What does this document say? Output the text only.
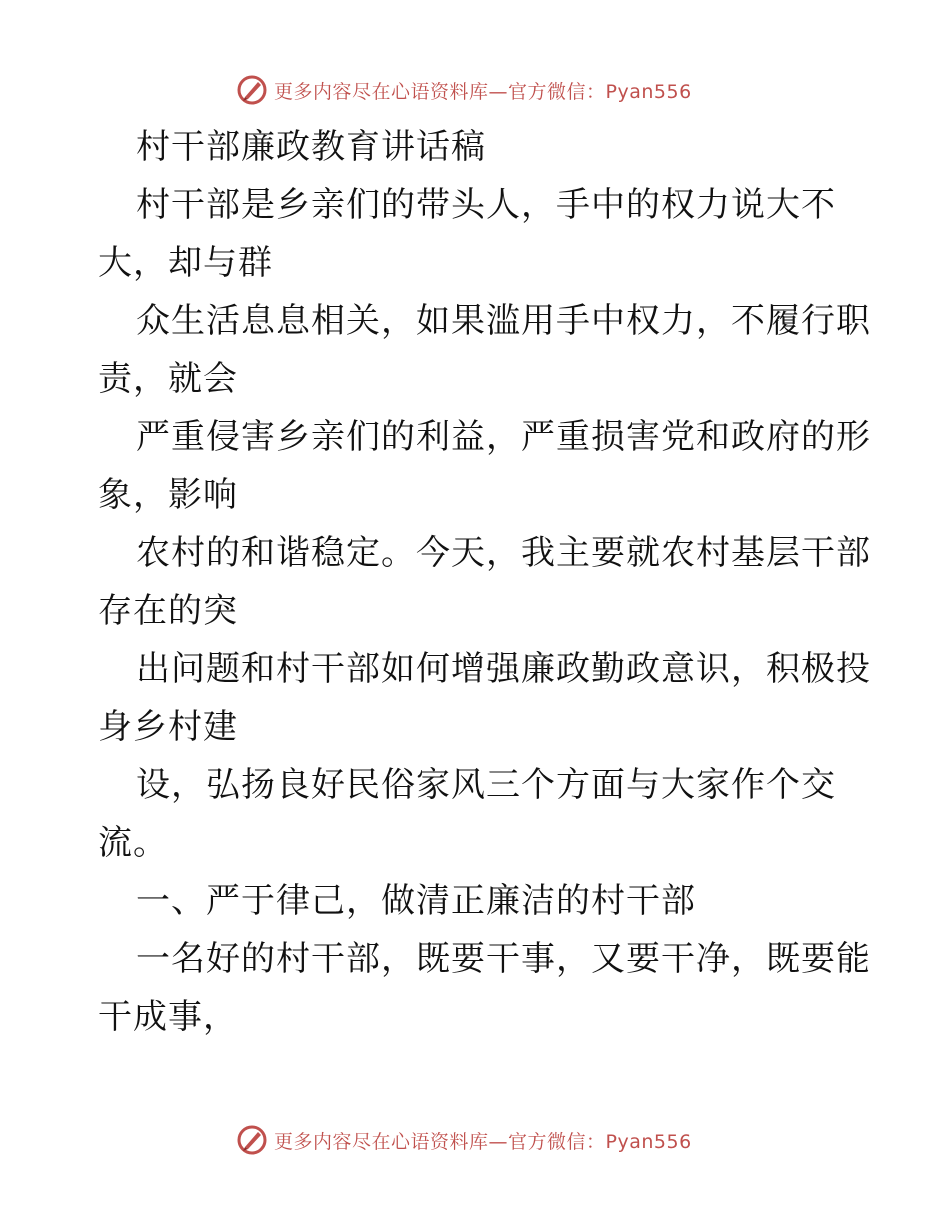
更多内容尽在心语资料库—官方微信：Pyan556
村干部廉政教育讲话稿
村干部是乡亲们的带头人，手中的权力说大不
大，却与群
众生活息息相关，如果滥用手中权力，不履行职
责，就会
严重侵害乡亲们的利益，严重损害党和政府的形
象，影响
农村的和谐稳定。今天，我主要就农村基层干部
存在的突
出问题和村干部如何增强廉政勤政意识，积极投
身乡村建
设，弘扬良好民俗家风三个方面与大家作个交
流。
一、严于律己，做清正廉洁的村干部
一名好的村干部，既要干事，又要干净，既要能
干成事，
更多内容尽在心语资料库—官方微信：Pyan556
